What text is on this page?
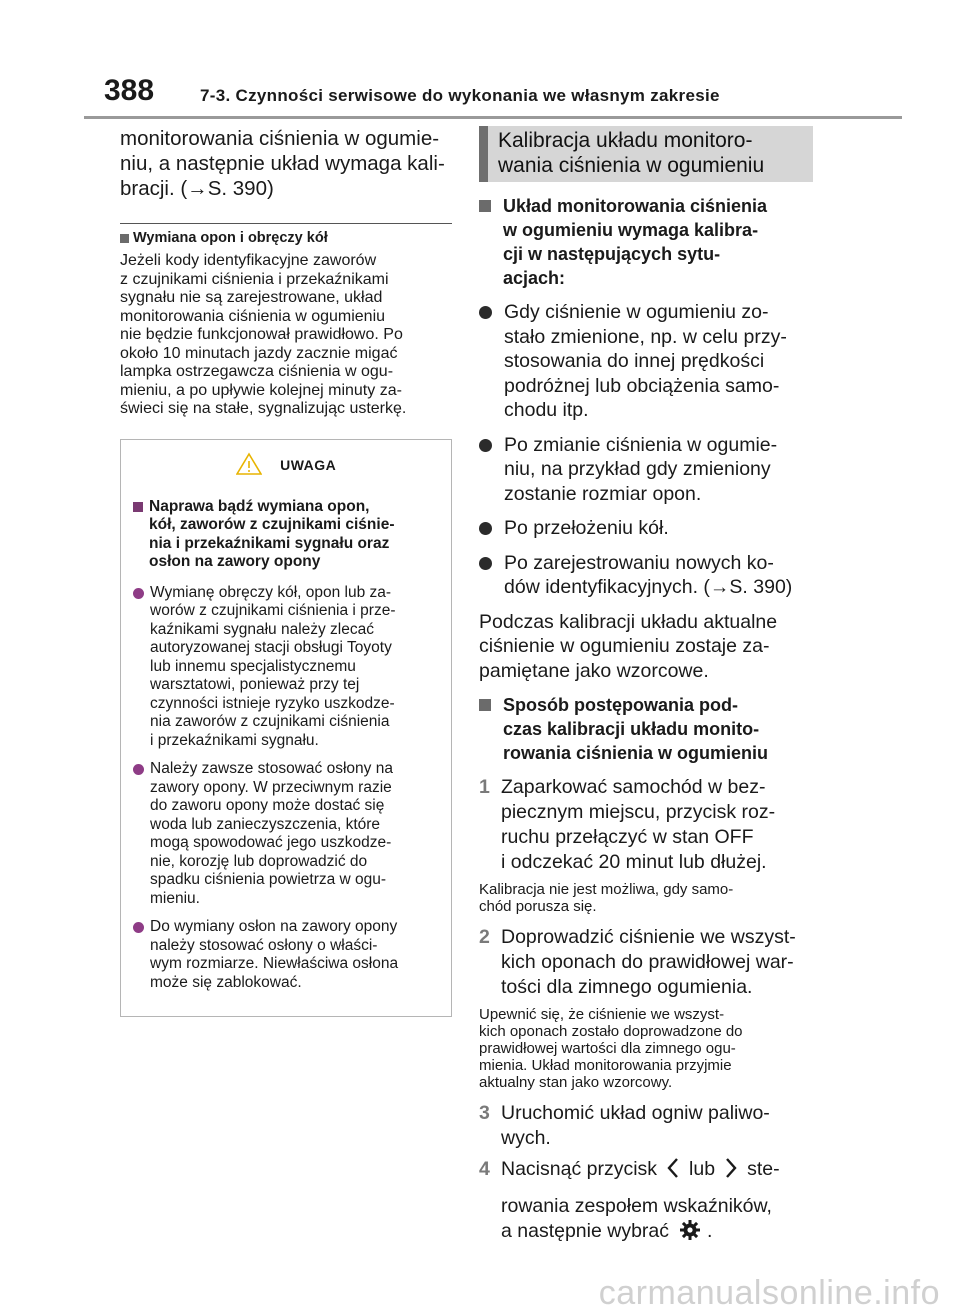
388	7-3. Czynności serwisowe do wykonania we własnym zakresie
monitorowania ciśnienia w ogumie-
niu, a następnie układ wymaga kali-
bracji. (→S. 390)
Wymiana opon i obręczy kół
Jeżeli kody identyfikacyjne zaworów
z czujnikami ciśnienia i przekaźnikami
sygnału nie są zarejestrowane, układ
monitorowania ciśnienia w ogumieniu
nie będzie funkcjonował prawidłowo. Po
około 10 minutach jazdy zacznie migać
lampka ostrzegawcza ciśnienia w ogu-
mieniu, a po upływie kolejnej minuty za-
świeci się na stałe, sygnalizując usterkę.
UWAGA
Naprawa bądź wymiana opon,
kół, zaworów z czujnikami ciśnie-
nia i przekaźnikami sygnału oraz
osłon na zawory opony
Wymianę obręczy kół, opon lub za-
worów z czujnikami ciśnienia i prze-
kaźnikami sygnału należy zlecać
autoryzowanej stacji obsługi Toyoty
lub innemu specjalistycznemu
warsztatowi, ponieważ przy tej
czynności istnieje ryzyko uszkodze-
nia zaworów z czujnikami ciśnienia
i przekaźnikami sygnału.
Należy zawsze stosować osłony na
zawory opony. W przeciwnym razie
do zaworu opony może dostać się
woda lub zanieczyszczenia, które
mogą spowodować jego uszkodze-
nie, korozję lub doprowadzić do
spadku ciśnienia powietrza w ogu-
mieniu.
Do wymiany osłon na zawory opony
należy stosować osłony o właści-
wym rozmiarze. Niewłaściwa osłona
może się zablokować.
Kalibracja układu monitoro-
wania ciśnienia w ogumieniu
Układ monitorowania ciśnienia
w ogumieniu wymaga kalibra-
cji w następujących sytu-
acjach:
Gdy ciśnienie w ogumieniu zo-
stało zmienione, np. w celu przy-
stosowania do innej prędkości
podróżnej lub obciążenia samo-
chodu itp.
Po zmianie ciśnienia w ogumie-
niu, na przykład gdy zmieniony
zostanie rozmiar opon.
Po przełożeniu kół.
Po zarejestrowaniu nowych ko-
dów identyfikacyjnych. (→S. 390)
Podczas kalibracji układu aktualne
ciśnienie w ogumieniu zostaje za-
pamiętane jako wzorcowe.
Sposób postępowania pod-
czas kalibracji układu monito-
rowania ciśnienia w ogumieniu
1 Zaparkować samochód w bez-
piecznym miejscu, przycisk roz-
ruchu przełączyć w stan OFF
i odczekać 20 minut lub dłużej.
Kalibracja nie jest możliwa, gdy samo-
chód porusza się.
2 Doprowadzić ciśnienie we wszyst-
kich oponach do prawidłowej war-
tości dla zimnego ogumienia.
Upewnić się, że ciśnienie we wszyst-
kich oponach zostało doprowadzone do
prawidłowej wartości dla zimnego ogu-
mienia. Układ monitorowania przyjmie
aktualny stan jako wzorcowy.
3 Uruchomić układ ogniw paliwo-
wych.
4 Nacisnąć przycisk lub ste-
rowania zespołem wskaźników,
a następnie wybrać .
carmanualsonline.info
